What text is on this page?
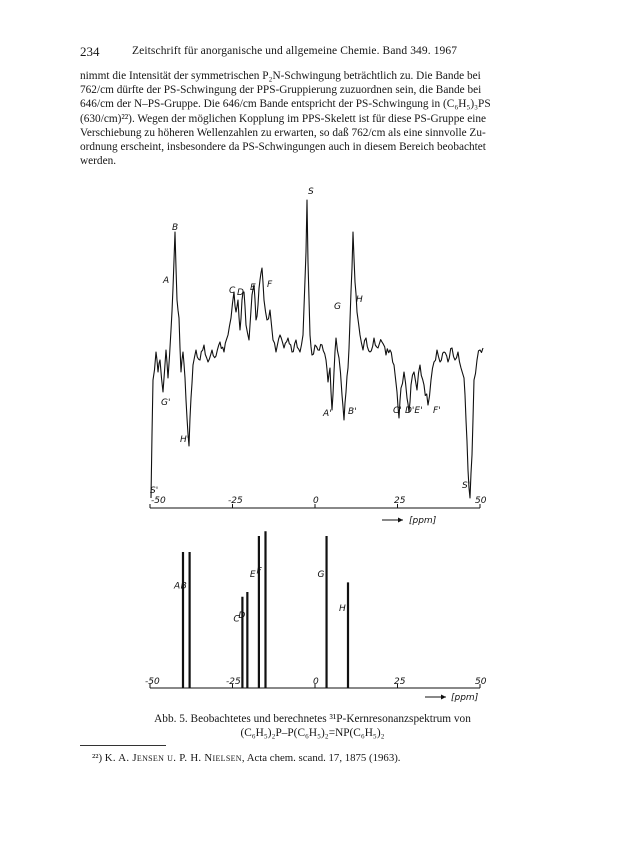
234	Zeitschrift für anorganische und allgemeine Chemie. Band 349. 1967
nimmt die Intensität der symmetrischen P₂N-Schwingung beträchtlich zu. Die Bande bei
762/cm dürfte der PS-Schwingung der PPS-Gruppierung zuzuordnen sein, die Bande bei
646/cm der N–PS-Gruppe. Die 646/cm Bande entspricht der PS-Schwingung in (C₆H₅)₃PS
(630/cm)²²). Wegen der möglichen Kopplung im PPS-Skelett ist für diese PS-Gruppe eine
Verschiebung zu höheren Wellenzahlen zu erwarten, so daß 762/cm als eine sinnvolle Zu-
ordnung erscheint, insbesondere da PS-Schwingungen auch in diesem Bereich beobachtet
werden.
-50	-25	0	25	50
[ppm]
S
B
A
C D E F
G
H
G'
H'
S'
A' B'	C' D'E' F'
S'
A B
C
D
E F	G
H
-50	-25	0	25	50
[ppm]
Abb. 5. Beobachtetes und berechnetes ³¹P-Kernresonanzspektrum von
(C₆H₅)₂P–P(C₆H₅)₂=NP(C₆H₅)₂
²²) K. A. Jensen u. P. H. Nielsen, Acta chem. scand. 17, 1875 (1963).
